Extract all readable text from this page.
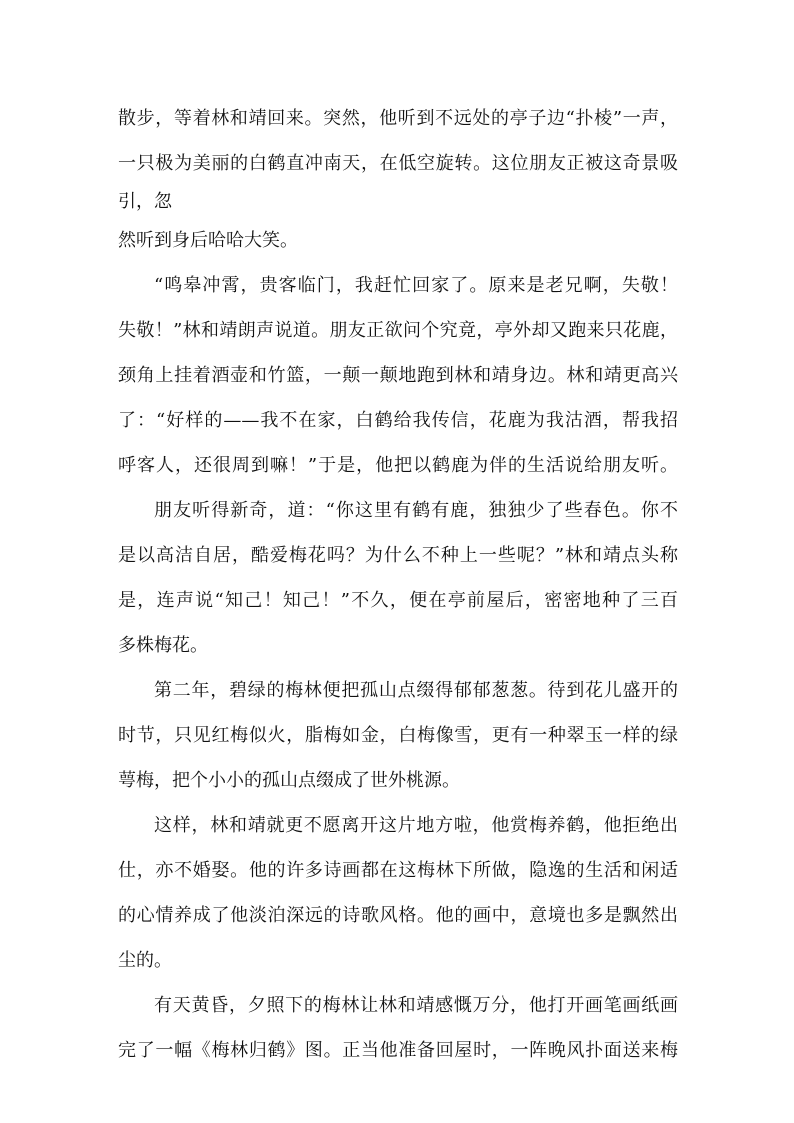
散步，等着林和靖回来。突然，他听到不远处的亭子边“扑棱”一声，
一只极为美丽的白鹤直冲南天，在低空旋转。这位朋友正被这奇景吸
引，忽
然听到身后哈哈大笑。
“鸣皋冲霄，贵客临门，我赶忙回家了。原来是老兄啊，失敬！
失敬！”林和靖朗声说道。朋友正欲问个究竟，亭外却又跑来只花鹿，
颈角上挂着酒壶和竹篮，一颠一颠地跑到林和靖身边。林和靖更高兴
了：“好样的——我不在家，白鹤给我传信，花鹿为我沽酒，帮我招
呼客人，还很周到嘛！”于是，他把以鹤鹿为伴的生活说给朋友听。
朋友听得新奇，道：“你这里有鹤有鹿，独独少了些春色。你不
是以高洁自居，酷爱梅花吗？为什么不种上一些呢？”林和靖点头称
是，连声说“知己！知己！”不久，便在亭前屋后，密密地种了三百
多株梅花。
第二年，碧绿的梅林便把孤山点缀得郁郁葱葱。待到花儿盛开的
时节，只见红梅似火，脂梅如金，白梅像雪，更有一种翠玉一样的绿
萼梅，把个小小的孤山点缀成了世外桃源。
这样，林和靖就更不愿离开这片地方啦，他赏梅养鹤，他拒绝出
仕，亦不婚娶。他的许多诗画都在这梅林下所做，隐逸的生活和闲适
的心情养成了他淡泊深远的诗歌风格。他的画中，意境也多是飘然出
尘的。
有天黄昏，夕照下的梅林让林和靖感慨万分，他打开画笔画纸画
完了一幅《梅林归鹤》图。正当他准备回屋时，一阵晚风扑面送来梅
